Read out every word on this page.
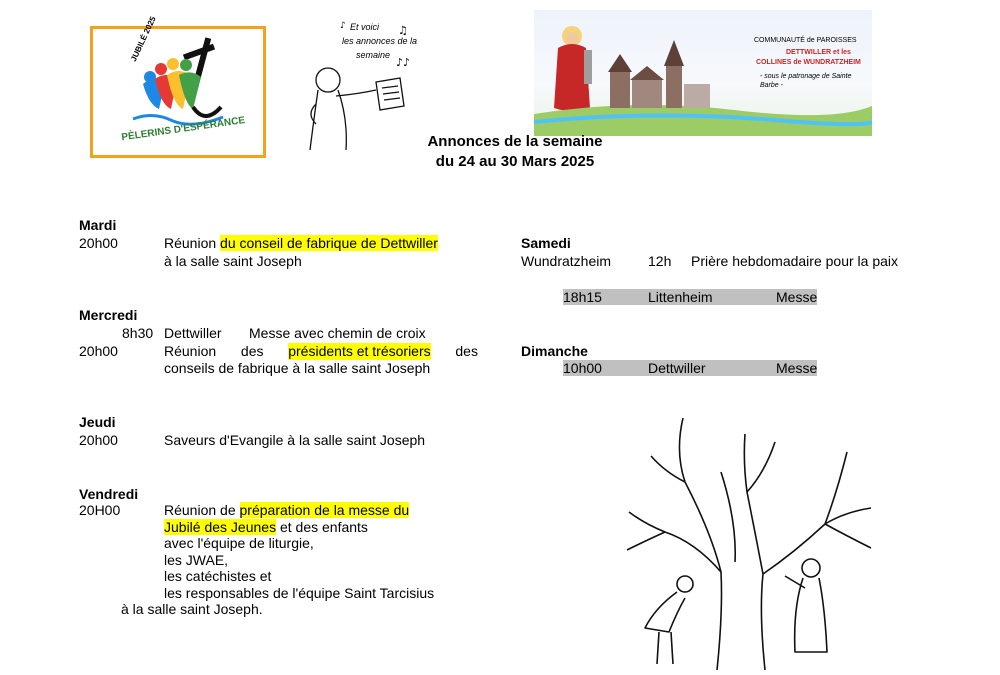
JUBILÉ 2025
PÈLERINS D'ESPÉRANCE
♫
♪♪
♪ Et voici
les annonces de la
semaine
COMMUNAUTÉ de PAROISSES
DETTWILLER et les
COLLINES de WUNDRATZHEIM
- sous le patronage de Sainte Barbe -
Annonces de la semaine
du 24 au 30 Mars 2025
Mardi
20h00	Réunion du conseil de fabrique de Dettwiller
à la salle saint Joseph
Mercredi
8h30 Dettwiller Messe avec chemin de croix
20h00	Réunion des présidents et trésoriers des
conseils de fabrique à la salle saint Joseph
Jeudi
20h00	Saveurs d'Evangile à la salle saint Joseph
Vendredi
20H00	Réunion de préparation de la messe du
Jubilé des Jeunes et des enfants
avec l'équipe de liturgie,
les JWAE,
les catéchistes et
les responsables de l'équipe Saint Tarcisius
à la salle saint Joseph.
Samedi
Wundratzheim	12h Prière hebdomadaire pour la paix
18h15	Littenheim	Messe
Dimanche
10h00	Dettwiller	Messe
